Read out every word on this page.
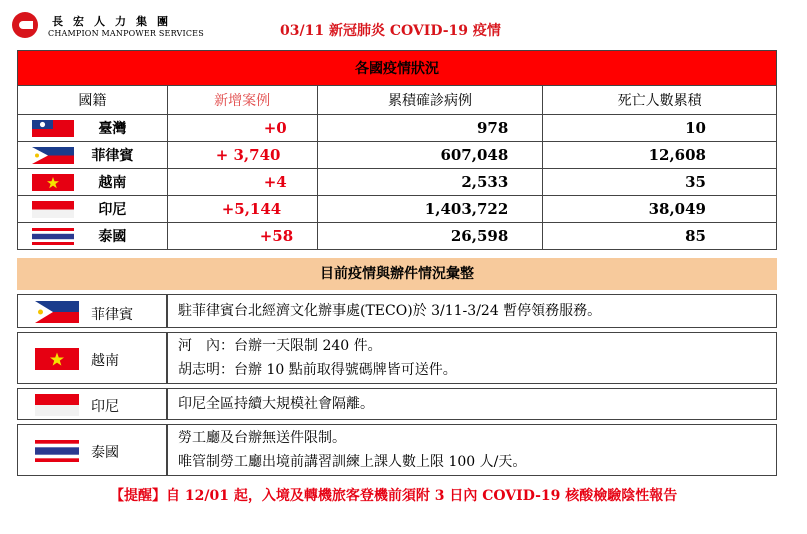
長宏人力集團
CHAMPION MANPOWER SERVICES	03/11 新冠肺炎 COVID-19 疫情
各國疫情狀況			
國籍	新增案例	累積確診病例	死亡人數累積

臺灣	+0	978	10

菲律賓	+ 3,740	607,048	12,608

越南	+4	2,533	35

印尼	+5,144	1,403,722	38,049

泰國	+58	26,598	85
目前疫情與辦件情況彙整
菲律賓	駐菲律賓台北經濟文化辦事處(TECO)於 3/11-3/24 暫停領務服務。

越南	河　內：台辦一天限制 240 件。
胡志明：台辦 10 點前取得號碼牌皆可送件。

印尼	印尼全區持續大規模社會隔離。

泰國	勞工廳及台辦無送件限制。
唯管制勞工廳出境前講習訓練上課人數上限 100 人/天。
【提醒】自 12/01 起，入境及轉機旅客登機前須附 3 日內 COVID-19 核酸檢驗陰性報告
